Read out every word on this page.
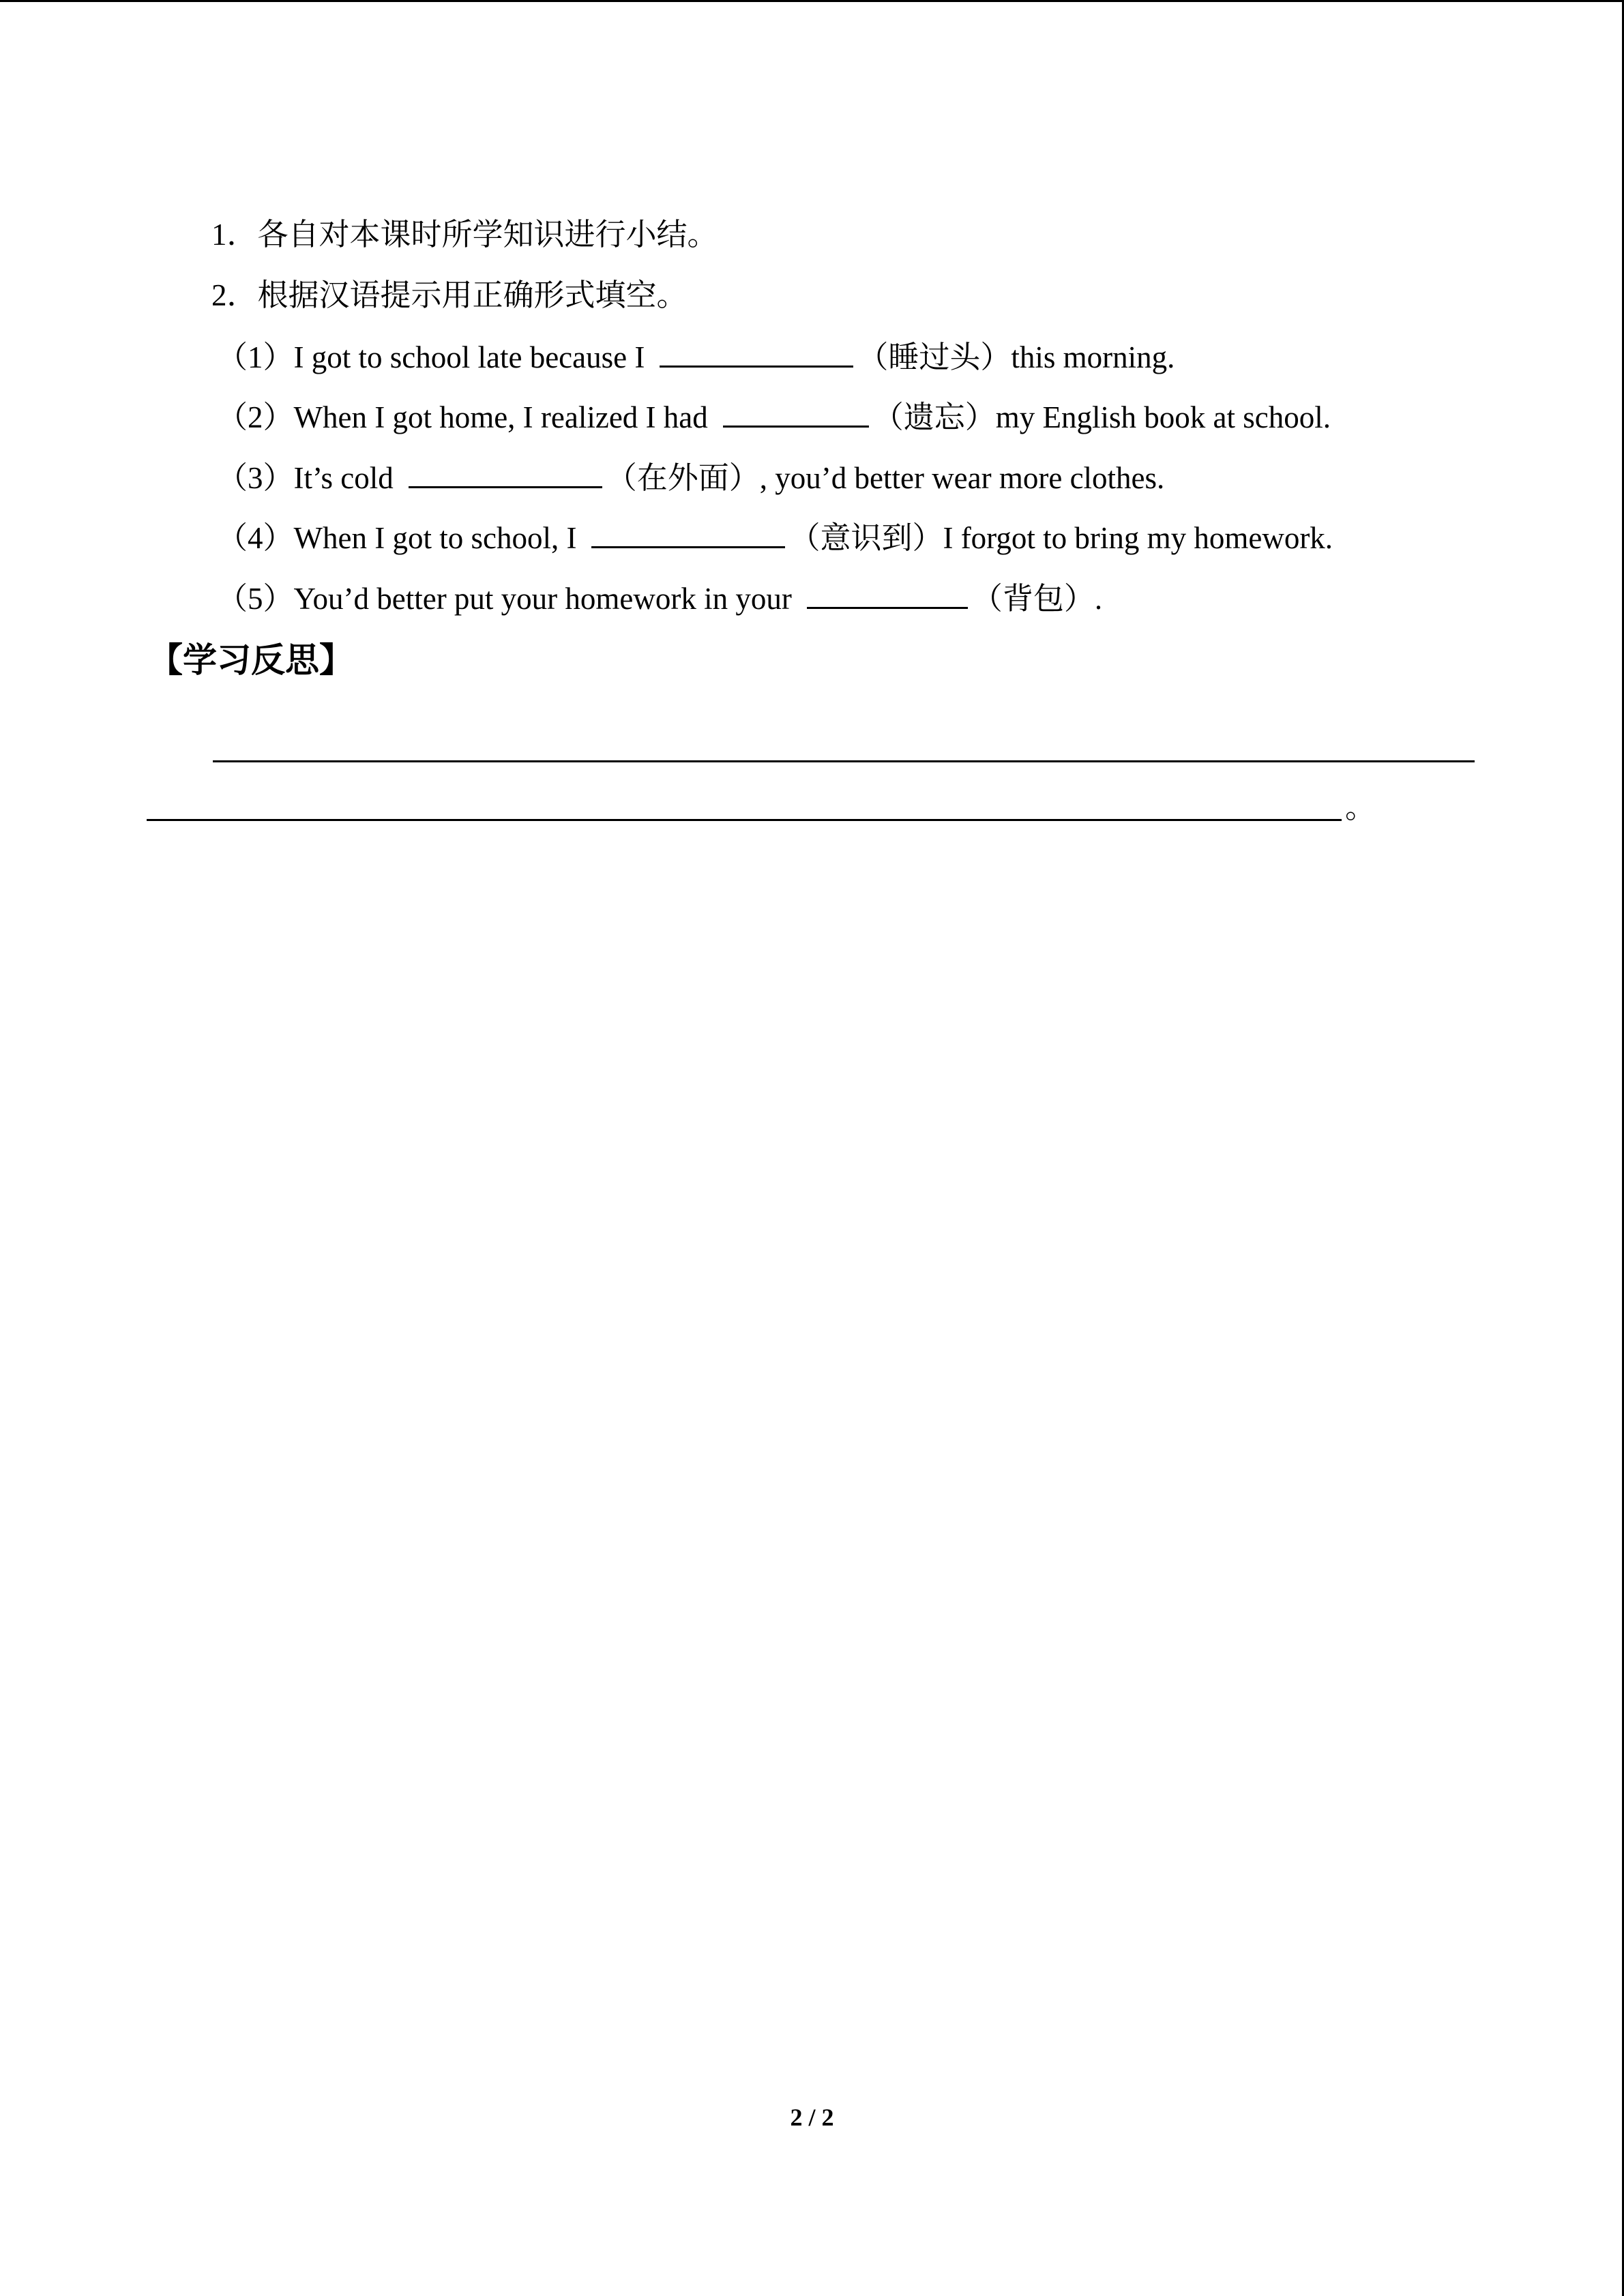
1．各自对本课时所学知识进行小结。
2．根据汉语提示用正确形式填空。
（1）I got to school late because I	（睡过头）this morning.
（2）When I got home, I realized I had	（遗忘）my English book at school.
（3）It’s cold	（在外面）, you’d better wear more clothes.
（4）When I got to school, I	（意识到）I forgot to bring my homework.
（5）You’d better put your homework in your	（背包）.
【学习反思】
。
2 / 2
